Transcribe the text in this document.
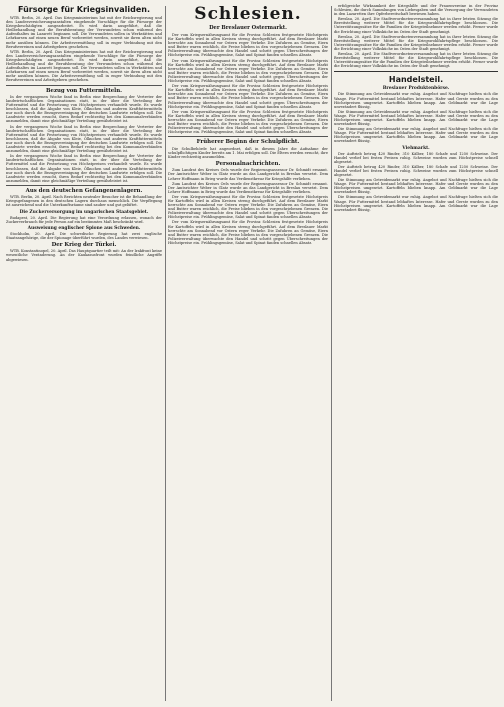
Fürsorge für Kriegsinvaliden.

WTB. Berlin, 20. April. Das Kriegsministerium hat mit der Reichsregierung und den Landesversicherungsanstalten eingehende Vorschläge für die Fürsorge der Kriegsbeschädigten ausgearbeitet. Es wird darin ausgeführt, daß die Heilbehandlung und die Berufsberatung der Verwundeten schon während des Aufenthaltes im Lazarett beginnen soll. Die Verwundeten sollen in Werkstätten und Lehrkursen auf einen neuen Beruf vorbereitet werden, soweit sie ihren alten nicht mehr ausüben können. Die Arbeitsvermittlung soll in enger Verbindung mit den Berufsvereinen und Arbeitgebern geschehen.

WTB. Berlin, 20. April. Das Kriegsministerium hat mit der Reichsregierung und den Landesversicherungsanstalten eingehende Vorschläge für die Fürsorge der Kriegsbeschädigten ausgearbeitet. Es wird darin ausgeführt, daß die Heilbehandlung und die Berufsberatung der Verwundeten schon während des Aufenthaltes im Lazarett beginnen soll. Die Verwundeten sollen in Werkstätten und Lehrkursen auf einen neuen Beruf vorbereitet werden, soweit sie ihren alten nicht mehr ausüben können. Die Arbeitsvermittlung soll in enger Verbindung mit den Berufsvereinen und Arbeitgebern geschehen.

Bezug von Futtermitteln.

In der vergangenen Woche fand in Berlin eine Besprechung der Vertreter der landwirtschaftlichen Organisationen statt, in der über die Verteilung der Futtermittel und die Festsetzung von Höchstpreisen verhandelt wurde. Es wurde beschlossen, daß die Abgabe von Kleie, Ölkuchen und anderen Kraftfuttermitteln nur noch durch die Bezugsvereinigung der deutschen Landwirte erfolgen soll. Die Landwirte werden ersucht, ihren Bedarf rechtzeitig bei den Kommunalverbänden anzumelden, damit eine gleichmäßige Verteilung gewährleistet ist.

In der vergangenen Woche fand in Berlin eine Besprechung der Vertreter der landwirtschaftlichen Organisationen statt, in der über die Verteilung der Futtermittel und die Festsetzung von Höchstpreisen verhandelt wurde. Es wurde beschlossen, daß die Abgabe von Kleie, Ölkuchen und anderen Kraftfuttermitteln nur noch durch die Bezugsvereinigung der deutschen Landwirte erfolgen soll. Die Landwirte werden ersucht, ihren Bedarf rechtzeitig bei den Kommunalverbänden anzumelden, damit eine gleichmäßige Verteilung gewährleistet ist.

In der vergangenen Woche fand in Berlin eine Besprechung der Vertreter der landwirtschaftlichen Organisationen statt, in der über die Verteilung der Futtermittel und die Festsetzung von Höchstpreisen verhandelt wurde. Es wurde beschlossen, daß die Abgabe von Kleie, Ölkuchen und anderen Kraftfuttermitteln nur noch durch die Bezugsvereinigung der deutschen Landwirte erfolgen soll. Die Landwirte werden ersucht, ihren Bedarf rechtzeitig bei den Kommunalverbänden anzumelden, damit eine gleichmäßige Verteilung gewährleistet ist.

Aus den deutschen Gefangenenlagern.

WTB. Berlin, 20. April. Nach Berichten neutraler Besucher ist die Behandlung der Kriegsgefangenen in den deutschen Lagern durchaus menschlich. Die Verpflegung ist ausreichend und die Unterkunftsräume sind sauber und gut gelüftet.

Die Zuckerversorgung im ungarischen Staatsgebiet.

Budapest, 20. April. Die Regierung hat eine Verordnung erlassen, wonach der Zuckerverbrauch für jede Person auf ein bestimmtes Maß beschränkt wird.

Ausweisung englischer Spione aus Schweden.

Stockholm, 20. April. Die schwedische Regierung hat zwei englische Staatsangehörige, die der Spionage überführt wurden, des Landes verwiesen.

Der Krieg der Türkei.

WTB. Konstantinopel, 20. April. Das Hauptquartier teilt mit: An der Irakfront keine wesentliche Veränderung. An der Kaukasusfront wurden feindliche Angriffe abgewiesen.

Schlesien.
Der Breslauer Ostermarkt.

Der vom Kriegsernährungsamt für die Provinz Schlesien festgesetzte Höchstpreis für Kartoffeln wird in allen Kreisen streng durchgeführt. Auf dem Breslauer Markt herrschte am Sonnabend vor Ostern reger Verkehr. Die Zufuhren an Gemüse, Eiern und Butter waren reichlich, die Preise blieben in den vorgeschriebenen Grenzen. Die Polizeiverwaltung überwachte den Handel und schritt gegen Überschreitungen der Höchstpreise ein. Frühlingsgemüse, Salat und Spinat fanden schnellen Absatz.

Der vom Kriegsernährungsamt für die Provinz Schlesien festgesetzte Höchstpreis für Kartoffeln wird in allen Kreisen streng durchgeführt. Auf dem Breslauer Markt herrschte am Sonnabend vor Ostern reger Verkehr. Die Zufuhren an Gemüse, Eiern und Butter waren reichlich, die Preise blieben in den vorgeschriebenen Grenzen. Die Polizeiverwaltung überwachte den Handel und schritt gegen Überschreitungen der Höchstpreise ein. Frühlingsgemüse, Salat und Spinat fanden schnellen Absatz.

Der vom Kriegsernährungsamt für die Provinz Schlesien festgesetzte Höchstpreis für Kartoffeln wird in allen Kreisen streng durchgeführt. Auf dem Breslauer Markt herrschte am Sonnabend vor Ostern reger Verkehr. Die Zufuhren an Gemüse, Eiern und Butter waren reichlich, die Preise blieben in den vorgeschriebenen Grenzen. Die Polizeiverwaltung überwachte den Handel und schritt gegen Überschreitungen der Höchstpreise ein. Frühlingsgemüse, Salat und Spinat fanden schnellen Absatz.

Der vom Kriegsernährungsamt für die Provinz Schlesien festgesetzte Höchstpreis für Kartoffeln wird in allen Kreisen streng durchgeführt. Auf dem Breslauer Markt herrschte am Sonnabend vor Ostern reger Verkehr. Die Zufuhren an Gemüse, Eiern und Butter waren reichlich, die Preise blieben in den vorgeschriebenen Grenzen. Die Polizeiverwaltung überwachte den Handel und schritt gegen Überschreitungen der Höchstpreise ein. Frühlingsgemüse, Salat und Spinat fanden schnellen Absatz.

Früherer Beginn der Schulpflicht.

Die Schulbehörde hat angeordnet, daß in diesem Jahre die Aufnahme der schulpflichtigen Kinder bereits am 1. Mai erfolgen soll. Die Eltern werden ersucht, ihre Kinder rechtzeitig anzumelden.

Personalnachrichten.

Zum Landrat des Kreises Oels wurde der Regierungsassessor Dr. Schmidt ernannt. Der Amtsrichter Weber in Glatz wurde an das Landgericht in Breslau versetzt. Dem Lehrer Hoffmann in Brieg wurde das Verdienstkreuz für Kriegshilfe verliehen.

Zum Landrat des Kreises Oels wurde der Regierungsassessor Dr. Schmidt ernannt. Der Amtsrichter Weber in Glatz wurde an das Landgericht in Breslau versetzt. Dem Lehrer Hoffmann in Brieg wurde das Verdienstkreuz für Kriegshilfe verliehen.

Der vom Kriegsernährungsamt für die Provinz Schlesien festgesetzte Höchstpreis für Kartoffeln wird in allen Kreisen streng durchgeführt. Auf dem Breslauer Markt herrschte am Sonnabend vor Ostern reger Verkehr. Die Zufuhren an Gemüse, Eiern und Butter waren reichlich, die Preise blieben in den vorgeschriebenen Grenzen. Die Polizeiverwaltung überwachte den Handel und schritt gegen Überschreitungen der Höchstpreise ein. Frühlingsgemüse, Salat und Spinat fanden schnellen Absatz.

Der vom Kriegsernährungsamt für die Provinz Schlesien festgesetzte Höchstpreis für Kartoffeln wird in allen Kreisen streng durchgeführt. Auf dem Breslauer Markt herrschte am Sonnabend vor Ostern reger Verkehr. Die Zufuhren an Gemüse, Eiern und Butter waren reichlich, die Preise blieben in den vorgeschriebenen Grenzen. Die Polizeiverwaltung überwachte den Handel und schritt gegen Überschreitungen der Höchstpreise ein. Frühlingsgemüse, Salat und Spinat fanden schnellen Absatz.

erfolgreiche Wirksamkeit der Kriegshilfe und der Frauenvereine in der Provinz Schlesien, die durch Sammlungen von Liebesgaben und die Versorgung der Verwundeten in den Lazaretten ihre Opferbereitschaft bewiesen haben.

Breslau, 20. April. Die Stadtverordnetenversammlung hat in ihrer letzten Sitzung die Bereitstellung weiterer Mittel für die Kriegswohlfahrtspflege beschlossen. Die Unterstützungssätze für die Familien der Kriegsteilnehmer werden erhöht. Ferner wurde die Errichtung einer Volksküche im Osten der Stadt genehmigt.

Breslau, 20. April. Die Stadtverordnetenversammlung hat in ihrer letzten Sitzung die Bereitstellung weiterer Mittel für die Kriegswohlfahrtspflege beschlossen. Die Unterstützungssätze für die Familien der Kriegsteilnehmer werden erhöht. Ferner wurde die Errichtung einer Volksküche im Osten der Stadt genehmigt.

Breslau, 20. April. Die Stadtverordnetenversammlung hat in ihrer letzten Sitzung die Bereitstellung weiterer Mittel für die Kriegswohlfahrtspflege beschlossen. Die Unterstützungssätze für die Familien der Kriegsteilnehmer werden erhöht. Ferner wurde die Errichtung einer Volksküche im Osten der Stadt genehmigt.

Handelsteil.
Breslauer Produktenbörse.

Die Stimmung am Getreidemarkt war ruhig. Angebot und Nachfrage hielten sich die Waage. Für Futtermittel bestand lebhaftes Interesse. Hafer und Gerste wurden zu den Höchstpreisen umgesetzt. Kartoffeln blieben knapp. Am Geldmarkt war die Lage unverändert flüssig.

Die Stimmung am Getreidemarkt war ruhig. Angebot und Nachfrage hielten sich die Waage. Für Futtermittel bestand lebhaftes Interesse. Hafer und Gerste wurden zu den Höchstpreisen umgesetzt. Kartoffeln blieben knapp. Am Geldmarkt war die Lage unverändert flüssig.

Die Stimmung am Getreidemarkt war ruhig. Angebot und Nachfrage hielten sich die Waage. Für Futtermittel bestand lebhaftes Interesse. Hafer und Gerste wurden zu den Höchstpreisen umgesetzt. Kartoffeln blieben knapp. Am Geldmarkt war die Lage unverändert flüssig.

Viehmarkt.

Der Auftrieb betrug 420 Rinder, 310 Kälber, 180 Schafe und 1250 Schweine. Der Handel verlief bei festen Preisen ruhig. Schweine wurden zum Höchstpreise schnell abgesetzt.

Der Auftrieb betrug 420 Rinder, 310 Kälber, 180 Schafe und 1250 Schweine. Der Handel verlief bei festen Preisen ruhig. Schweine wurden zum Höchstpreise schnell abgesetzt.

Die Stimmung am Getreidemarkt war ruhig. Angebot und Nachfrage hielten sich die Waage. Für Futtermittel bestand lebhaftes Interesse. Hafer und Gerste wurden zu den Höchstpreisen umgesetzt. Kartoffeln blieben knapp. Am Geldmarkt war die Lage unverändert flüssig.

Die Stimmung am Getreidemarkt war ruhig. Angebot und Nachfrage hielten sich die Waage. Für Futtermittel bestand lebhaftes Interesse. Hafer und Gerste wurden zu den Höchstpreisen umgesetzt. Kartoffeln blieben knapp. Am Geldmarkt war die Lage unverändert flüssig.
